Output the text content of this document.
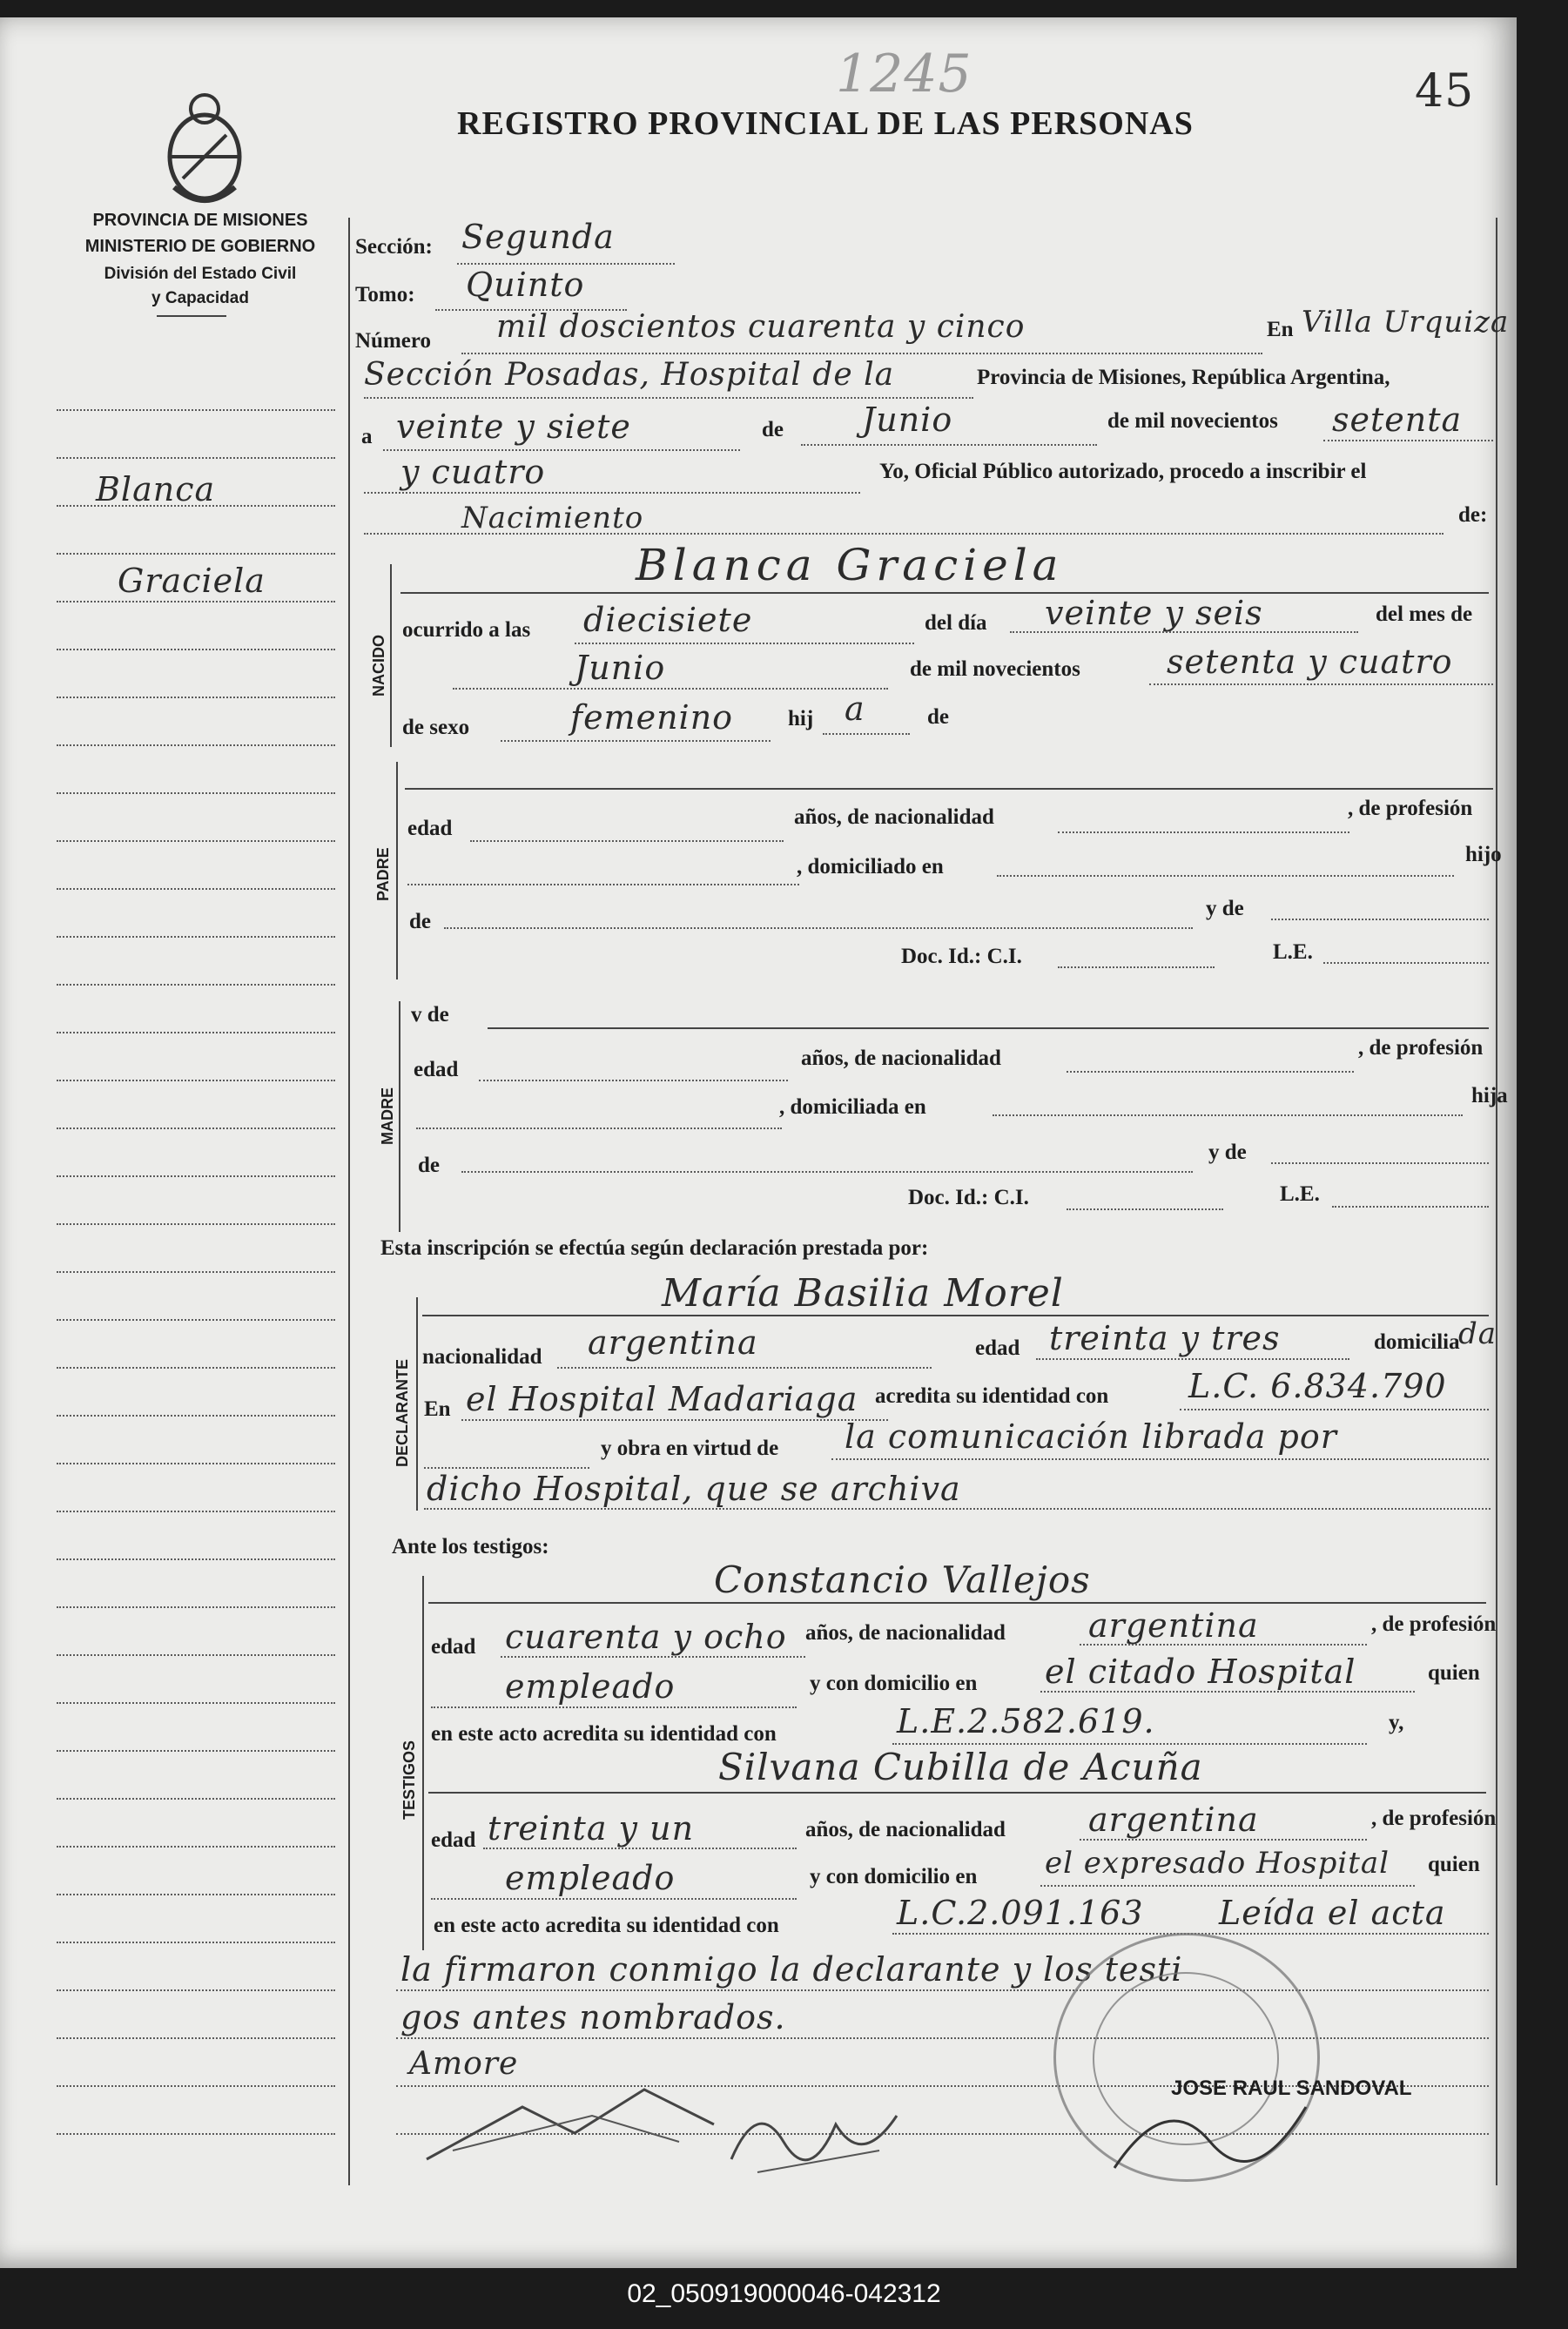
REGISTRO PROVINCIAL DE LAS PERSONAS
1245	45
PROVINCIA DE MISIONES
MINISTERIO DE GOBIERNO
División del Estado Civil
y Capacidad
Blanca
Graciela
Sección: Segunda
Tomo: Quinto
Número mil doscientos cuarenta y cinco	En Villa Urquiza
Sección Posadas, Hospital de la	Provincia de Misiones, República Argentina,
a veinte y siete	de Junio	de mil novecientos setenta
y cuatro	Yo, Oficial Público autorizado, procedo a inscribir el
Nacimiento	de:
NACIDO
Blanca Graciela
ocurrido a las diecisiete	del día veinte y seis	del mes de
Junio	de mil novecientos	setenta y cuatro
de sexo	femenino	hij a	de
PADRE
edad	años, de nacionalidad	, de profesión
, domiciliado en
hijo
de
y de
Doc. Id.: C.I.	L.E.
MADRE
v de
edad	años, de nacionalidad	, de profesión
, domiciliada en	hija
de
y de
Doc. Id.: C.I.	L.E.
Esta inscripción se efectúa según declaración prestada por:
DECLARANTE
María Basilia Morel
nacionalidad argentina	edad treinta y tres	domicilia
da
En el Hospital Madariaga acredita su identidad con L.C. 6.834.790
y obra en virtud de la comunicación librada por
dicho Hospital, que se archiva
Ante los testigos:
TESTIGOS
Constancio Vallejos
edad cuarenta y ocho años, de nacionalidad	argentina	, de profesión
empleado	y con domicilio en el citado Hospital	quien
en este acto acredita su identidad con	L.E.2.582.619.	y,
Silvana Cubilla de Acuña
edad treinta y un	años, de nacionalidad	argentina	, de profesión
empleado	y con domicilio en el expresado Hospital quien
en este acto acredita su identidad con	L.C.2.091.163 Leída el acta
la firmaron conmigo la declarante y los testi
gos antes nombrados.
Amore
JOSE RAUL SANDOVAL
02_050919000046-042312
